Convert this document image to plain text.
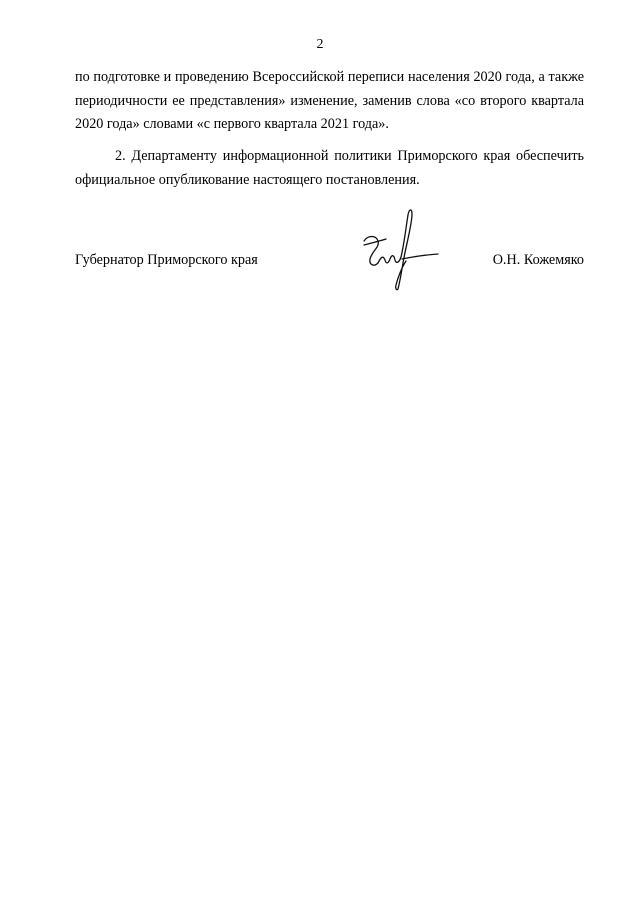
2
по подготовке и проведению Всероссийской переписи населения 2020 года, а также периодичности ее представления» изменение, заменив слова «со второго квартала 2020 года» словами «с первого квартала 2021 года».
2. Департаменту информационной политики Приморского края обеспечить официальное опубликование настоящего постановления.
Губернатор Приморского края	О.Н. Кожемяко
